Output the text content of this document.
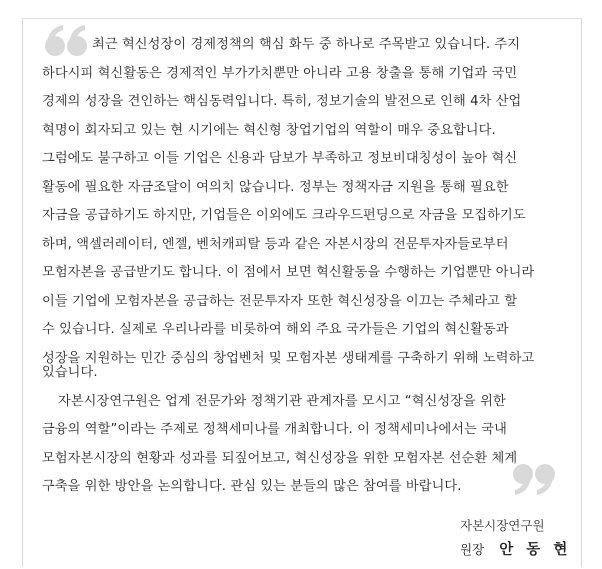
최근 혁신성장이 경제정책의 핵심 화두 중 하나로 주목받고 있습니다. 주지
하다시피 혁신활동은 경제적인 부가가치뿐만 아니라 고용 창출을 통해 기업과 국민
경제의 성장을 견인하는 핵심동력입니다. 특히, 정보기술의 발전으로 인해 4차 산업
혁명이 회자되고 있는 현 시기에는 혁신형 창업기업의 역할이 매우 중요합니다.
그럼에도 불구하고 이들 기업은 신용과 담보가 부족하고 정보비대칭성이 높아 혁신
활동에 필요한 자금조달이 여의치 않습니다. 정부는 정책자금 지원을 통해 필요한
자금을 공급하기도 하지만, 기업들은 이외에도 크라우드펀딩으로 자금을 모집하기도
하며, 액셀러레이터, 엔젤, 벤처캐피탈 등과 같은 자본시장의 전문투자자들로부터
모험자본을 공급받기도 합니다. 이 점에서 보면 혁신활동을 수행하는 기업뿐만 아니라
이들 기업에 모험자본을 공급하는 전문투자자 또한 혁신성장을 이끄는 주체라고 할
수 있습니다. 실제로 우리나라를 비롯하여 해외 주요 국가들은 기업의 혁신활동과
성장을 지원하는 민간 중심의 창업벤처 및 모험자본 생태계를 구축하기 위해 노력하고
있습니다.
자본시장연구원은 업계 전문가와 정책기관 관계자를 모시고 “혁신성장을 위한
금융의 역할”이라는 주제로 정책세미나를 개최합니다. 이 정책세미나에서는 국내
모험자본시장의 현황과 성과를 되짚어보고, 혁신성장을 위한 모험자본 선순환 체계
구축을 위한 방안을 논의합니다. 관심 있는 분들의 많은 참여를 바랍니다.
자본시장연구원
원장 안 동 현
